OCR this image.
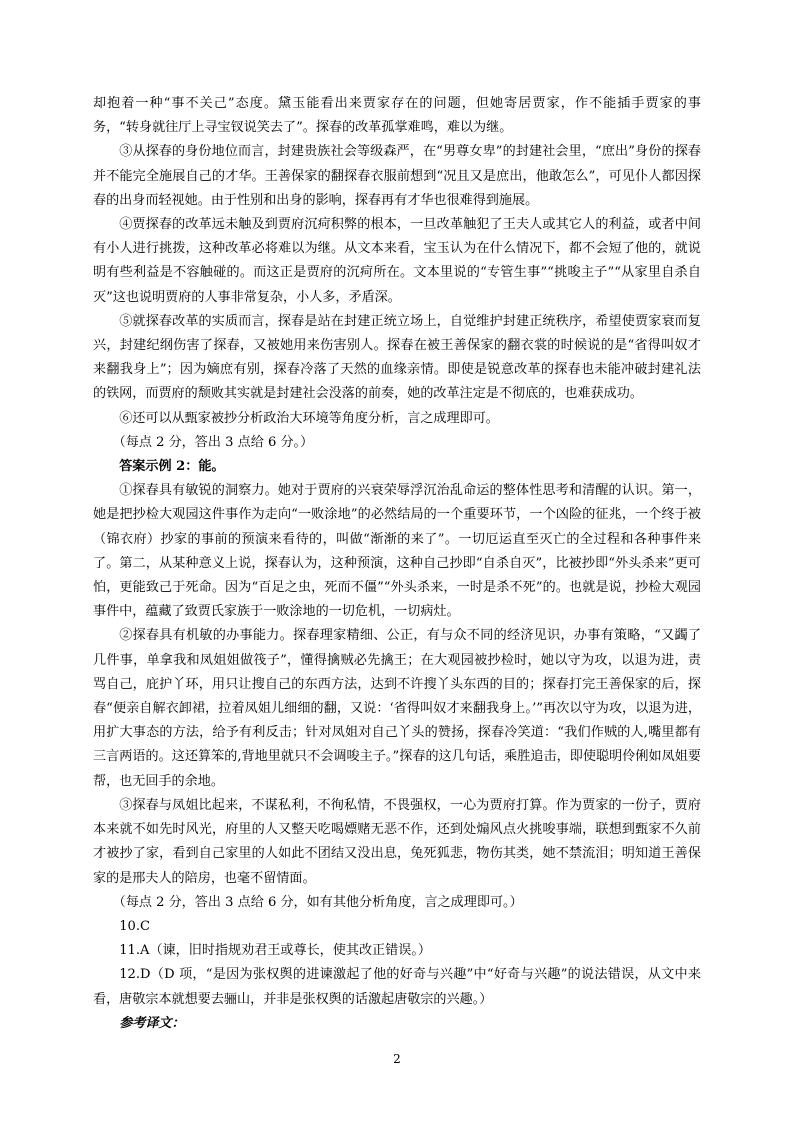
却抱着一种“事不关己”态度。黛玉能看出来贾家存在的问题，但她寄居贾家，作不能插手贾家的事务，“转身就往厅上寻宝钗说笑去了”。探春的改革孤掌难鸣，难以为继。

③从探春的身份地位而言，封建贵族社会等级森严，在“男尊女卑”的封建社会里，“庶出”身份的探春并不能完全施展自己的才华。王善保家的翻探春衣服前想到“况且又是庶出，他敢怎么”，可见仆人都因探春的出身而轻视她。由于性别和出身的影响，探春再有才华也很难得到施展。

④贾探春的改革远未触及到贾府沉疴积弊的根本，一旦改革触犯了王夫人或其它人的利益，或者中间有小人进行挑拨，这种改革必将难以为继。从文本来看，宝玉认为在什么情况下，都不会短了他的，就说明有些利益是不容触碰的。而这正是贾府的沉疴所在。文本里说的“专管生事”“挑唆主子”“从家里自杀自灭”这也说明贾府的人事非常复杂，小人多，矛盾深。

⑤就探春改革的实质而言，探春是站在封建正统立场上，自觉维护封建正统秩序，希望使贾家衰而复兴，封建纪纲伤害了探春，又被她用来伤害别人。探春在被王善保家的翻衣裳的时候说的是“省得叫奴才来翻我身上”；因为嫡庶有别，探春冷落了天然的血缘亲情。即使是锐意改革的探春也未能冲破封建礼法的铁网，而贾府的颓败其实就是封建社会没落的前奏，她的改革注定是不彻底的，也难获成功。

⑥还可以从甄家被抄分析政治大环境等角度分析，言之成理即可。

（每点 2 分，答出 3 点给 6 分。）

答案示例 2：能。

①探春具有敏锐的洞察力。她对于贾府的兴衰荣辱浮沉治乱命运的整体性思考和清醒的认识。第一，她是把抄检大观园这件事作为走向“一败涂地”的必然结局的一个重要环节，一个凶险的征兆，一个终于被（锦衣府）抄家的事前的预演来看待的，叫做“渐渐的来了”。一切厄运直至灭亡的全过程和各种事件来了。第二，从某种意义上说，探春认为，这种预演，这种自己抄即“自杀自灭”，比被抄即“外头杀来”更可怕，更能致己于死命。因为“百足之虫，死而不僵”“外头杀来，一时是杀不死”的。也就是说，抄检大观园事件中，蕴藏了致贾氏家族于一败涂地的一切危机，一切病灶。

②探春具有机敏的办事能力。探春理家精细、公正，有与众不同的经济见识，办事有策略，“又蠲了几件事，单拿我和凤姐姐做筏子”，懂得擒贼必先擒王；在大观园被抄检时，她以守为攻，以退为进，责骂自己，庇护丫环，用只让搜自己的东西方法，达到不许搜丫头东西的目的；探春打完王善保家的后，探春“便亲自解衣卸裙，拉着凤姐儿细细的翻，又说：‘省得叫奴才来翻我身上。’”再次以守为攻，以退为进，用扩大事态的方法，给予有利反击；针对凤姐对自己丫头的赞扬，探春冷笑道：“我们作贼的人,嘴里都有三言两语的。这还算笨的,背地里就只不会调唆主子。”探春的这几句话，乘胜追击，即使聪明伶俐如凤姐要帮，也无回手的余地。

③探春与凤姐比起来，不谋私利，不徇私情，不畏强权，一心为贾府打算。作为贾家的一份子，贾府本来就不如先时风光，府里的人又整天吃喝嫖赌无恶不作，还到处煽风点火挑唆事端，联想到甄家不久前才被抄了家，看到自己家里的人如此不团结又没出息，兔死狐悲，物伤其类，她不禁流泪；明知道王善保家的是邢夫人的陪房，也毫不留情面。

（每点 2 分，答出 3 点给 6 分，如有其他分析角度，言之成理即可。）

10.C

11.A（谏，旧时指规劝君王或尊长，使其改正错误。）

12.D（D 项，“是因为张权舆的进谏激起了他的好奇与兴趣”中“好奇与兴趣”的说法错误，从文中来看，唐敬宗本就想要去骊山，并非是张权舆的话激起唐敬宗的兴趣。）

参考译文：

2
